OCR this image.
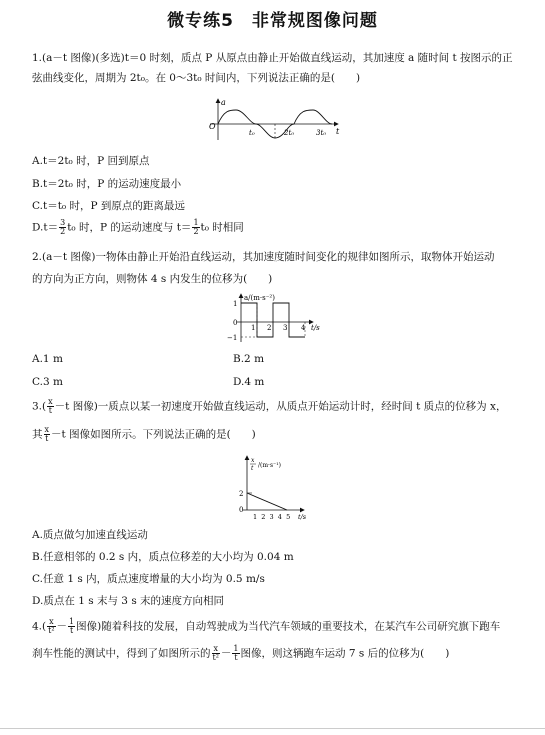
微专练5 非常规图像问题
1.(a－t 图像)(多选)t＝0 时刻，质点 P 从原点由静止开始做直线运动，其加速度 a 随时间 t 按图示的正
弦曲线变化，周期为 2t₀。在 0～3t₀ 时间内，下列说法正确的是(　　)
a
O
t
t₀	2t₀	3t₀
A.t＝2t₀ 时，P 回到原点
B.t＝2t₀ 时，P 的运动速度最小
C.t＝t₀ 时，P 到原点的距离最远
$D.t= \frac{3}{2} t_0$ 时，P 的运动速度与 $t= \frac{1}{2} t_0$ 时相同
2.(a－t 图像)一物体由静止开始沿直线运动，其加速度随时间变化的规律如图所示，取物体开始运动
的方向为正方向，则物体 4 s 内发生的位移为(　　)
a/(m·s⁻²)
1
0
−1
1 2 3 4 t/s
A.1 m	B.2 m
C.3 m	D.4 m
$3.( \frac{x}{t} -t$ 图像)一质点以某一初速度开始做直线运动，从质点开始运动计时，经时间 t 质点的位移为 x，
其 $\frac{x}{t} -t$ 图像如图所示。下列说法正确的是(　　)
x
t /(m·s⁻¹)
2
0
1  2  3  4  5 t/s
A.质点做匀加速直线运动
B.任意相邻的 0.2 s 内，质点位移差的大小均为 0.04 m
C.任意 1 s 内，质点速度增量的大小均为 0.5 m/s
D.质点在 1 s 末与 3 s 末的速度方向相同
$4.( \frac{x}{\text{t²}} - \frac{1}{t}$ 图像)随着科技的发展，自动驾驶成为当代汽车领域的重要技术，在某汽车公司研究旗下跑车
刹车性能的测试中，得到了如图所示的 $\frac{x}{\text{t²}} - \frac{1}{t}$ 图像，则这辆跑车运动 7 s 后的位移为(　　)
